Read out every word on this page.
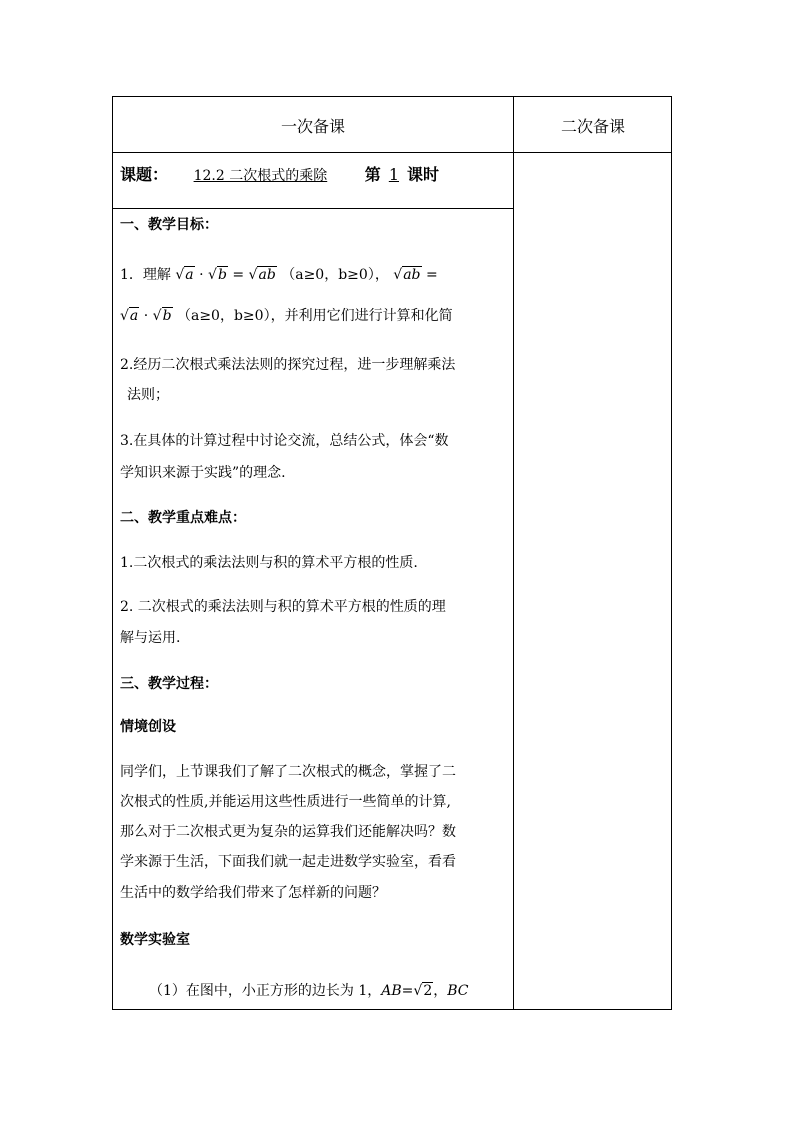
一次备课	二次备课
课题： 12.2 二次根式的乘除 第 1 课时
一、教学目标：
1．理解 √a · √b = √ab （a≥0，b≥0）， √ab =
√a · √b （a≥0，b≥0），并利用它们进行计算和化简
2.经历二次根式乘法法则的探究过程，进一步理解乘法
法则；
3.在具体的计算过程中讨论交流，总结公式，体会“数
学知识来源于实践”的理念.
二、教学重点难点：
1.二次根式的乘法法则与积的算术平方根的性质.
2. 二次根式的乘法法则与积的算术平方根的性质的理
解与运用.
三、教学过程：
情境创设
同学们，上节课我们了解了二次根式的概念，掌握了二
次根式的性质,并能运用这些性质进行一些简单的计算,
那么对于二次根式更为复杂的运算我们还能解决吗？数
学来源于生活，下面我们就一起走进数学实验室，看看
生活中的数学给我们带来了怎样新的问题？
数学实验室
（1）在图中，小正方形的边长为 1，AB=√2，BC
